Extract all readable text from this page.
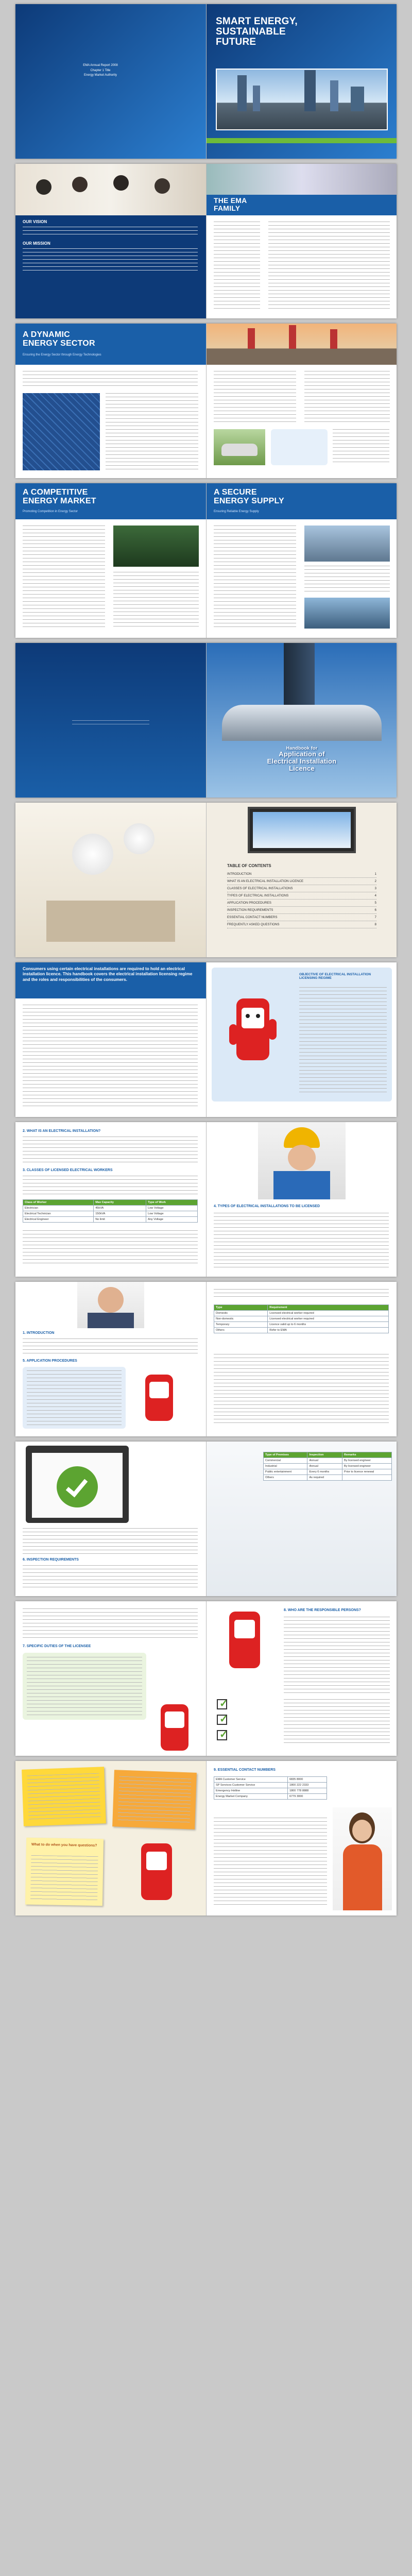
EMA Annual Report 2008
Chapter 1 Title
Energy Market Authority
SMART ENERGY,
SUSTAINABLE
FUTURE
OUR VISION
OUR MISSION
THE EMA
FAMILY
A DYNAMIC
ENERGY SECTOR
Ensuring the Energy Sector through Energy Technologies
A COMPETITIVE
ENERGY MARKET
Promoting Competition in Energy Sector
A SECURE
ENERGY SUPPLY
Ensuring Reliable Energy Supply
Handbook for
Application of
Electrical Installation
Licence
TABLE OF CONTENTS
INTRODUCTION	1
WHAT IS AN ELECTRICAL INSTALLATION LICENCE	2
CLASSES OF ELECTRICAL INSTALLATIONS	3
TYPES OF ELECTRICAL INSTALLATIONS	4
APPLICATION PROCEDURES	5
INSPECTION REQUIREMENTS	6
ESSENTIAL CONTACT NUMBERS	7
FREQUENTLY ASKED QUESTIONS	8
Consumers using certain electrical installations are required to hold an electrical installation licence. This handbook covers the electrical installation licensing regime and the roles and responsibilities of the consumers.
OBJECTIVE OF ELECTRICAL INSTALLATION LICENSING REGIME
2. WHAT IS AN ELECTRICAL INSTALLATION?
3. CLASSES OF LICENSED ELECTRICAL WORKERS
Class of Worker	Max Capacity	Type of Work
Electrician	45kVA	Low Voltage
Electrical Technician	150kVA	Low Voltage
Electrical Engineer	No limit	Any Voltage
4. TYPES OF ELECTRICAL INSTALLATIONS TO BE LICENSED
1. INTRODUCTION
5. APPLICATION PROCEDURES
Type	Requirement
Domestic	Licensed electrical worker required
Non-domestic	Licensed electrical worker required
Temporary	Licence valid up to 6 months
Others	Refer to EMA
6. INSPECTION REQUIREMENTS
Type of Premises	Inspection	Remarks
Commercial	Annual	By licensed engineer
Industrial	Annual	By licensed engineer
Public entertainment	Every 6 months	Prior to licence renewal
Others	As required	
7. SPECIFIC DUTIES OF THE LICENSEE
8. WHO ARE THE RESPONSIBLE PERSONS?
✓
✓
✓
What to do when you have questions?
9. ESSENTIAL CONTACT NUMBERS
EMA Customer Service	6835 8000
SP Services Customer Service	1800 222 2333
Emergency Hotline	1800 778 8888
Energy Market Company	6779 3000
